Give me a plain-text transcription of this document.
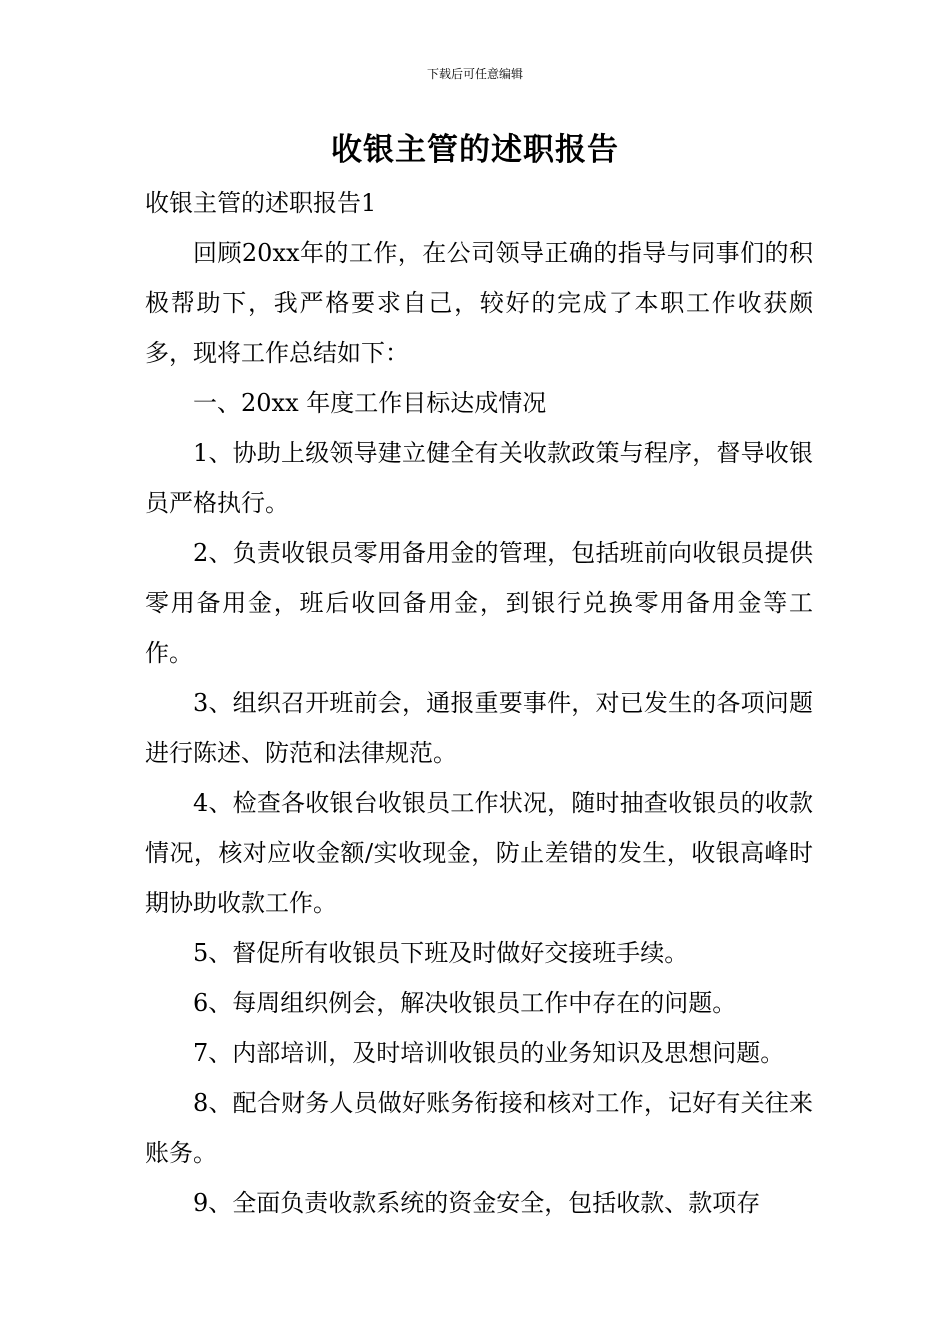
下载后可任意编辑
收银主管的述职报告

收银主管的述职报告1

回顾20xx年的工作，在公司领导正确的指导与同事们的积极帮助下，我严格要求自己，较好的完成了本职工作收获颇多，现将工作总结如下：

一、20xx 年度工作目标达成情况

1、协助上级领导建立健全有关收款政策与程序，督导收银员严格执行。

2、负责收银员零用备用金的管理，包括班前向收银员提供零用备用金，班后收回备用金，到银行兑换零用备用金等工作。

3、组织召开班前会，通报重要事件，对已发生的各项问题进行陈述、防范和法律规范。

4、检查各收银台收银员工作状况，随时抽查收银员的收款情况，核对应收金额/实收现金，防止差错的发生，收银高峰时期协助收款工作。

5、督促所有收银员下班及时做好交接班手续。

6、每周组织例会，解决收银员工作中存在的问题。

7、内部培训，及时培训收银员的业务知识及思想问题。

8、配合财务人员做好账务衔接和核对工作，记好有关往来账务。

9、全面负责收款系统的资金安全，包括收款、款项存
